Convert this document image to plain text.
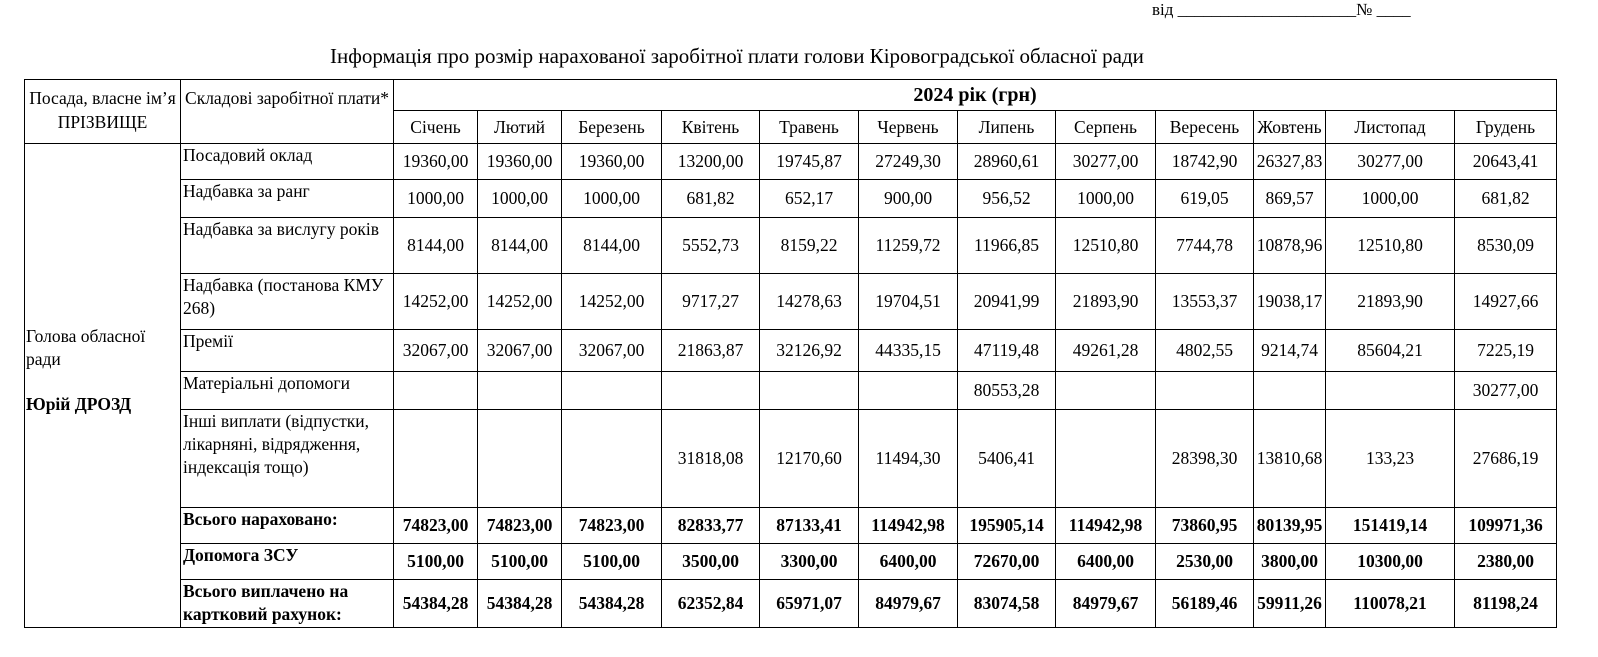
від _____________________№ ____
Інформація про розмір нарахованої заробітної плати голови Кіровоградської обласної ради
Посада, власне ім’я ПРІЗВИЩЕ	Складові заробітної плати*	2024 рік (грн)											
		Січень	Лютий	Березень	Квітень	Травень	Червень	Липень	Серпень	Вересень	Жовтень	Листопад	Грудень

Голова обласної ради
Юрій ДРОЗД	Посадовий оклад	19360,00	19360,00	19360,00	13200,00	19745,87	27249,30	28960,61	30277,00	18742,90	26327,83	30277,00	20643,41
	Надбавка за ранг	1000,00	1000,00	1000,00	681,82	652,17	900,00	956,52	1000,00	619,05	869,57	1000,00	681,82
	Надбавка за вислугу років	8144,00	8144,00	8144,00	5552,73	8159,22	11259,72	11966,85	12510,80	7744,78	10878,96	12510,80	8530,09
	Надбавка (постанова КМУ 268)	14252,00	14252,00	14252,00	9717,27	14278,63	19704,51	20941,99	21893,90	13553,37	19038,17	21893,90	14927,66
	Премії	32067,00	32067,00	32067,00	21863,87	32126,92	44335,15	47119,48	49261,28	4802,55	9214,74	85604,21	7225,19
	Матеріальні допомоги							80553,28					30277,00
	Інші виплати (відпустки, лікарняні, відрядження, індексація тощо)				31818,08	12170,60	11494,30	5406,41		28398,30	13810,68	133,23	27686,19
	Всього нараховано:	74823,00	74823,00	74823,00	82833,77	87133,41	114942,98	195905,14	114942,98	73860,95	80139,95	151419,14	109971,36
	Допомога ЗСУ	5100,00	5100,00	5100,00	3500,00	3300,00	6400,00	72670,00	6400,00	2530,00	3800,00	10300,00	2380,00
	Всього виплачено на картковий рахунок:	54384,28	54384,28	54384,28	62352,84	65971,07	84979,67	83074,58	84979,67	56189,46	59911,26	110078,21	81198,24
